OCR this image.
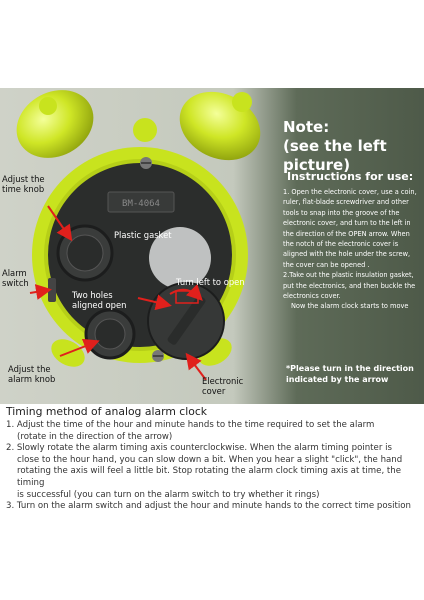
BM-4064
Note:
(see the left picture)
Instructions for use:

1. Open the electronic cover, use a coin, ruler, flat-blade screwdriver and other tools to snap into the groove of the electronic cover, and turn to the left in the direction of the OPEN arrow. When the notch of the electronic cover is aligned with the hole under the screw, the cover can be opened .

2.Take out the plastic insulation gasket, put the electronics, and then buckle the electronics cover.

Now the alarm clock starts to move

*Please turn in the direction indicated by the arrow
Adjust the time knob
Alarm switch
Plastic gasket
Two holes aligned open
Turn left to open
Adjust the alarm knob	Electronic cover
Timing method of analog alarm clock
1. Adjust the time of the hour and minute hands to the time required to set the alarm
(rotate in the direction of the arrow)
2. Slowly rotate the alarm timing axis counterclockwise. When the alarm timing pointer is
close to the hour hand, you can slow down a bit. When you hear a slight "click", the hand
rotating the axis will feel a little bit. Stop rotating the alarm clock timing axis at time, the timing
is successful (you can turn on the alarm switch to try whether it rings)
3. Turn on the alarm switch and adjust the hour and minute hands to the correct time position
